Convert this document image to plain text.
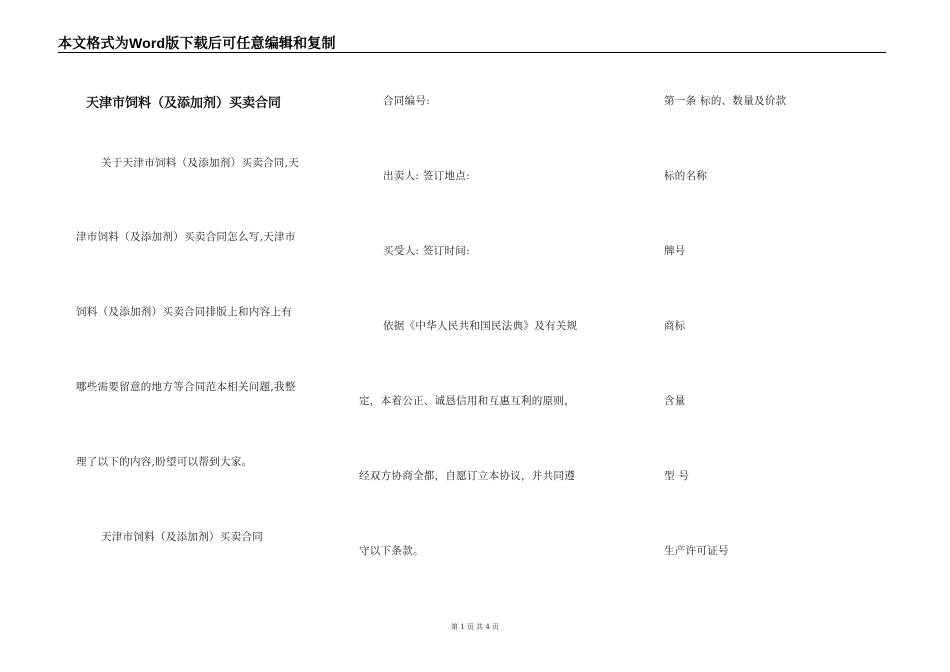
本文格式为Word版下载后可任意编辑和复制
天津市饲料（及添加剂）买卖合同
关于天津市饲料（及添加剂）买卖合同,天
津市饲料（及添加剂）买卖合同怎么写,天津市
饲料（及添加剂）买卖合同排版上和内容上有
哪些需要留意的地方等合同范本相关问题,我整
理了以下的内容,盼望可以帮到大家。
天津市饲料（及添加剂）买卖合同
合同编号:
出卖人: 签订地点:
买受人: 签订时间:
依据《中华人民共和国民法典》及有关规
定，本着公正、诚恳信用和互惠互利的原则，
经双方协商全都，自愿订立本协议，并共同遵
守以下条款。
第一条 标的、数量及价款
标的名称
牌号
商标
含量
型 号
生产许可证号
第 1 页 共 4 页
